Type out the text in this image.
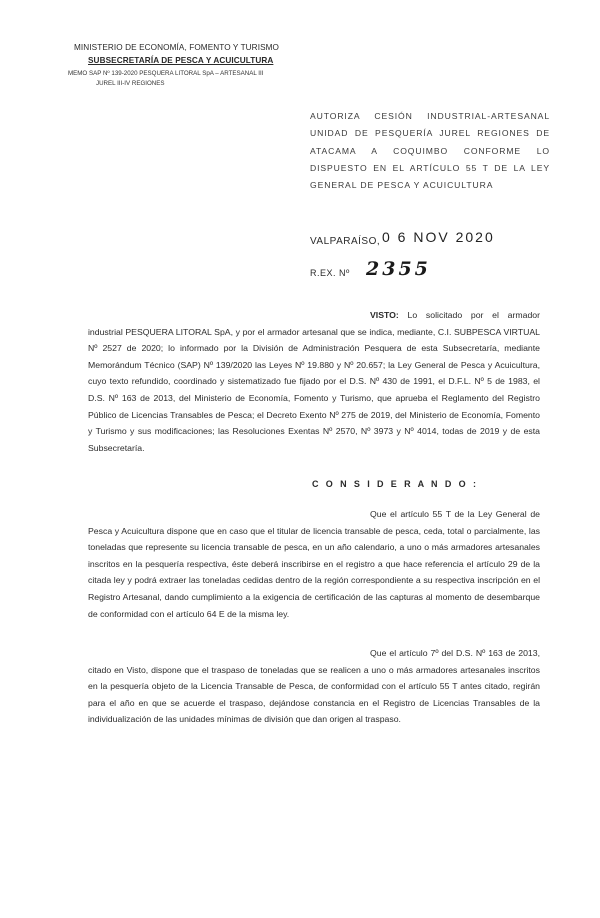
MINISTERIO DE ECONOMÍA, FOMENTO Y TURISMO
SUBSECRETARÍA DE PESCA Y ACUICULTURA
MEMO SAP Nº 139-2020 PESQUERA LITORAL SpA – ARTESANAL III
JUREL III-IV REGIONES
AUTORIZA CESIÓN INDUSTRIAL-ARTESANAL UNIDAD DE PESQUERÍA JUREL REGIONES DE ATACAMA A COQUIMBO CONFORME LO DISPUESTO EN EL ARTÍCULO 55 T DE LA LEY GENERAL DE PESCA Y ACUICULTURA
VALPARAÍSO, 0 6 NOV 2020
R.EX. Nº 2355

VISTO: Lo solicitado por el armador industrial PESQUERA LITORAL SpA, y por el armador artesanal que se indica, mediante, C.I. SUBPESCA VIRTUAL Nº 2527 de 2020; lo informado por la División de Administración Pesquera de esta Subsecretaría, mediante Memorándum Técnico (SAP) Nº 139/2020 las Leyes Nº 19.880 y Nº 20.657; la Ley General de Pesca y Acuicultura, cuyo texto refundido, coordinado y sistematizado fue fijado por el D.S. Nº 430 de 1991, el D.F.L. Nº 5 de 1983, el D.S. Nº 163 de 2013, del Ministerio de Economía, Fomento y Turismo, que aprueba el Reglamento del Registro Público de Licencias Transables de Pesca; el Decreto Exento Nº 275 de 2019, del Ministerio de Economía, Fomento y Turismo y sus modificaciones; las Resoluciones Exentas Nº 2570, Nº 3973 y Nº 4014, todas de 2019 y de esta Subsecretaría.

C O N S I D E R A N D O :

Que el artículo 55 T de la Ley General de Pesca y Acuicultura dispone que en caso que el titular de licencia transable de pesca, ceda, total o parcialmente, las toneladas que represente su licencia transable de pesca, en un año calendario, a uno o más armadores artesanales inscritos en la pesquería respectiva, éste deberá inscribirse en el registro a que hace referencia el artículo 29 de la citada ley y podrá extraer las toneladas cedidas dentro de la región correspondiente a su respectiva inscripción en el Registro Artesanal, dando cumplimiento a la exigencia de certificación de las capturas al momento de desembarque de conformidad con el artículo 64 E de la misma ley.

Que el artículo 7º del D.S. Nº 163 de 2013, citado en Visto, dispone que el traspaso de toneladas que se realicen a uno o más armadores artesanales inscritos en la pesquería objeto de la Licencia Transable de Pesca, de conformidad con el artículo 55 T antes citado, regirán para el año en que se acuerde el traspaso, dejándose constancia en el Registro de Licencias Transables de la individualización de las unidades mínimas de división que dan origen al traspaso.
